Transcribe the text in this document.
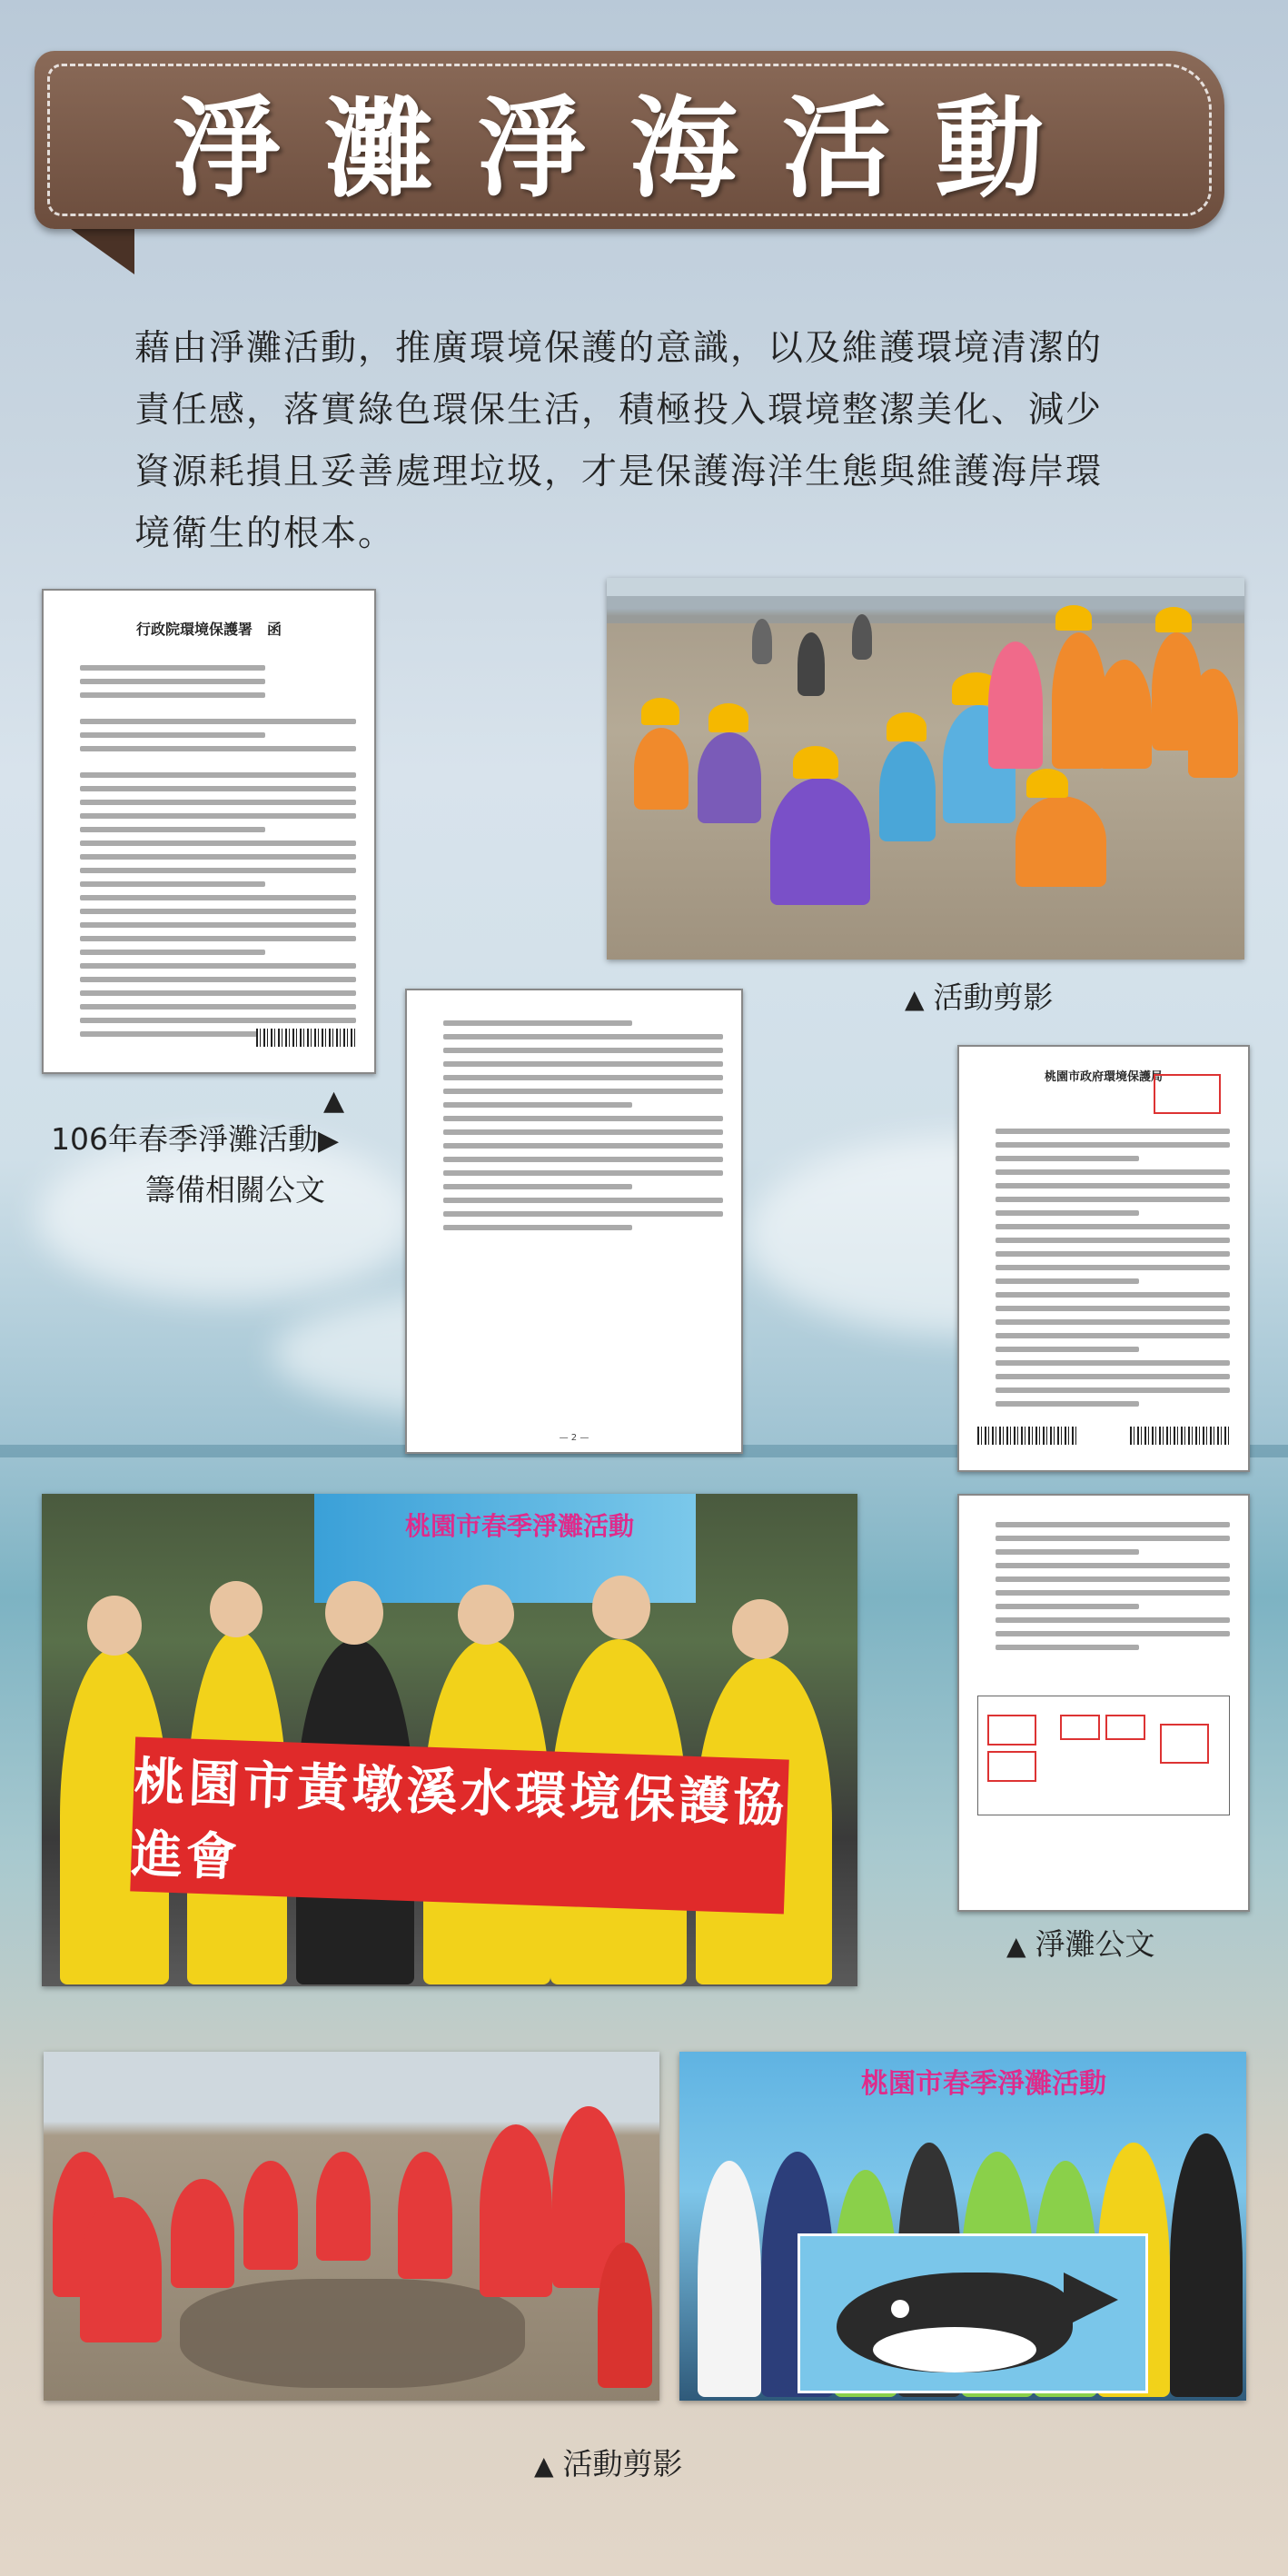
淨灘淨海活動
藉由淨灘活動，推廣環境保護的意識，以及維護環境清潔的
責任感，落實綠色環保生活，積極投入環境整潔美化、減少
資源耗損且妥善處理垃圾，才是保護海洋生態與維護海岸環
境衛生的根本。
行政院環境保護署　函
▲ 活動剪影
▲
106年春季淨灘活動▶
籌備相關公文
— 2 —
桃園市政府環境保護局
桃園市春季淨灘活動
桃園市黃墩溪水環境保護協進會
▲ 淨灘公文
桃園市春季淨灘活動
▲ 活動剪影
